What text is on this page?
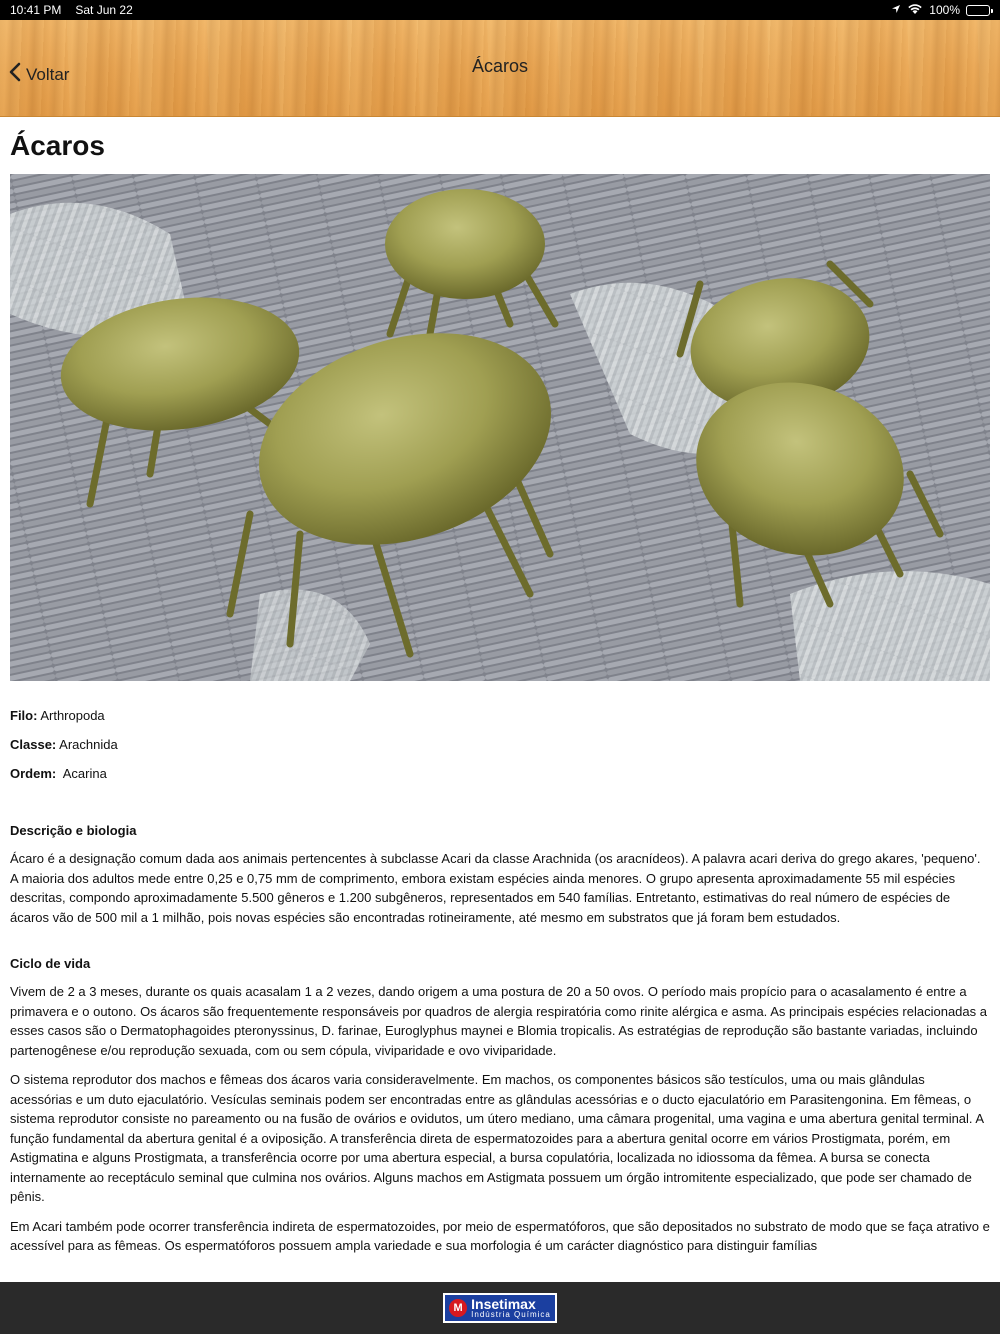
10:41 PM Sat Jun 22	100%
Voltar	Ácaros
Ácaros

Filo: Arthropoda

Classe: Arachnida

Ordem:  Acarina

Descrição e biologia

Ácaro é a designação comum dada aos animais pertencentes à subclasse Acari da classe Arachnida (os aracnídeos). A palavra acari deriva do grego akares, 'pequeno'. A maioria dos adultos mede entre 0,25 e 0,75 mm de comprimento, embora existam espécies ainda menores. O grupo apresenta aproximadamente 55 mil espécies descritas, compondo aproximadamente 5.500 gêneros e 1.200 subgêneros, representados em 540 famílias. Entretanto, estimativas do real número de espécies de ácaros vão de 500 mil a 1 milhão, pois novas espécies são encontradas rotineiramente, até mesmo em substratos que já foram bem estudados.

Ciclo de vida

Vivem de 2 a 3 meses, durante os quais acasalam 1 a 2 vezes, dando origem a uma postura de 20 a 50 ovos. O período mais propício para o acasalamento é entre a primavera e o outono. Os ácaros são frequentemente responsáveis por quadros de alergia respiratória como rinite alérgica e asma. As principais espécies relacionadas a esses casos são o Dermatophagoides pteronyssinus, D. farinae, Euroglyphus maynei e Blomia tropicalis. As estratégias de reprodução são bastante variadas, incluindo partenogênese e/ou reprodução sexuada, com ou sem cópula, viviparidade e ovo viviparidade.

O sistema reprodutor dos machos e fêmeas dos ácaros varia consideravelmente. Em machos, os componentes básicos são testículos, uma ou mais glândulas acessórias e um duto ejaculatório. Vesículas seminais podem ser encontradas entre as glândulas acessórias e o ducto ejaculatório em Parasitengonina. Em fêmeas, o sistema reprodutor consiste no pareamento ou na fusão de ovários e ovidutos, um útero mediano, uma câmara progenital, uma vagina e uma abertura genital terminal. A função fundamental da abertura genital é a oviposição. A transferência direta de espermatozoides para a abertura genital ocorre em vários Prostigmata, porém, em Astigmatina e alguns Prostigmata, a transferência ocorre por uma abertura especial, a bursa copulatória, localizada no idiossoma da fêmea. A bursa se conecta internamente ao receptáculo seminal que culmina nos ovários. Alguns machos em Astigmata possuem um órgão intromitente especializado, que pode ser chamado de pênis.

Em Acari também pode ocorrer transferência indireta de espermatozoides, por meio de espermatóforos, que são depositados no substrato de modo que se faça atrativo e acessível para as fêmeas. Os espermatóforos possuem ampla variedade e sua morfologia é um carácter diagnóstico para distinguir famílias

M Insetimax
Indústria Química
